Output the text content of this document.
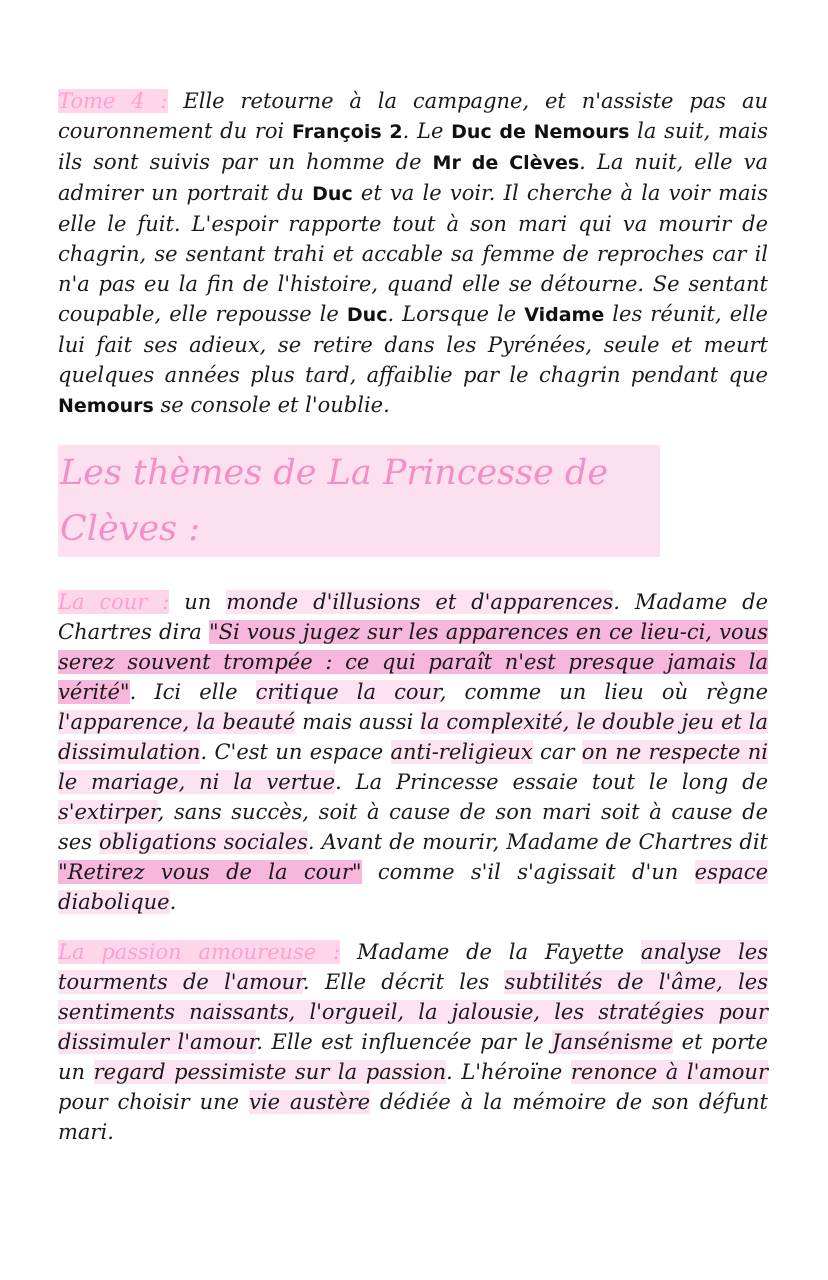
Tome 4 : Elle retourne à la campagne, et n'assiste pas au couronnement du roi François 2. Le Duc de Nemours la suit, mais ils sont suivis par un homme de Mr de Clèves. La nuit, elle va admirer un portrait du Duc et va le voir. Il cherche à la voir mais elle le fuit. L'espoir rapporte tout à son mari qui va mourir de chagrin, se sentant trahi et accable sa femme de reproches car il n'a pas eu la fin de l'histoire, quand elle se détourne. Se sentant coupable, elle repousse le Duc. Lorsque le Vidame les réunit, elle lui fait ses adieux, se retire dans les Pyrénées, seule et meurt quelques années plus tard, affaiblie par le chagrin pendant que Nemours se console et l'oublie.

Les thèmes de La Princesse de Clèves :

La cour : un monde d'illusions et d'apparences. Madame de Chartres dira "Si vous jugez sur les apparences en ce lieu-ci, vous serez souvent trompée : ce qui paraît n'est presque jamais la vérité". Ici elle critique la cour, comme un lieu où règne l'apparence, la beauté mais aussi la complexité, le double jeu et la dissimulation. C'est un espace anti-religieux car on ne respecte ni le mariage, ni la vertue. La Princesse essaie tout le long de s'extirper, sans succès, soit à cause de son mari soit à cause de ses obligations sociales. Avant de mourir, Madame de Chartres dit "Retirez vous de la cour" comme s'il s'agissait d'un espace diabolique.

La passion amoureuse : Madame de la Fayette analyse les tourments de l'amour. Elle décrit les subtilités de l'âme, les sentiments naissants, l'orgueil, la jalousie, les stratégies pour dissimuler l'amour. Elle est influencée par le Jansénisme et porte un regard pessimiste sur la passion. L'héroïne renonce à l'amour pour choisir une vie austère dédiée à la mémoire de son défunt mari.
